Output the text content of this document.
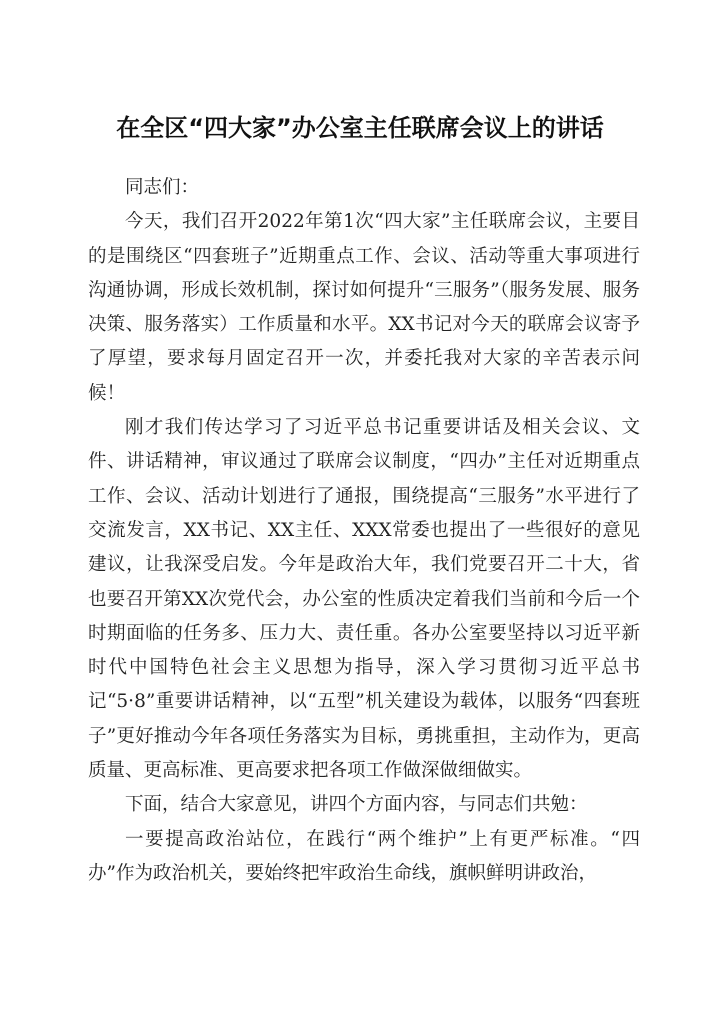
在全区“四大家”办公室主任联席会议上的讲话

同志们：

今天，我们召开2022年第1次“四大家”主任联席会议，主要目的是围绕区“四套班子”近期重点工作、会议、活动等重大事项进行沟通协调，形成长效机制，探讨如何提升“三服务”（服务发展、服务决策、服务落实）工作质量和水平。XX书记对今天的联席会议寄予了厚望，要求每月固定召开一次，并委托我对大家的辛苦表示问候！

刚才我们传达学习了习近平总书记重要讲话及相关会议、文件、讲话精神，审议通过了联席会议制度，“四办”主任对近期重点工作、会议、活动计划进行了通报，围绕提高“三服务”水平进行了交流发言，XX书记、XX主任、XXX常委也提出了一些很好的意见建议，让我深受启发。今年是政治大年，我们党要召开二十大，省也要召开第XX次党代会，办公室的性质决定着我们当前和今后一个时期面临的任务多、压力大、责任重。各办公室要坚持以习近平新时代中国特色社会主义思想为指导，深入学习贯彻习近平总书记“5·8”重要讲话精神，以“五型”机关建设为载体，以服务“四套班子”更好推动今年各项任务落实为目标，勇挑重担，主动作为，更高质量、更高标准、更高要求把各项工作做深做细做实。

下面，结合大家意见，讲四个方面内容，与同志们共勉：

一要提高政治站位，在践行“两个维护”上有更严标准。“四办”作为政治机关，要始终把牢政治生命线，旗帜鲜明讲政治，
